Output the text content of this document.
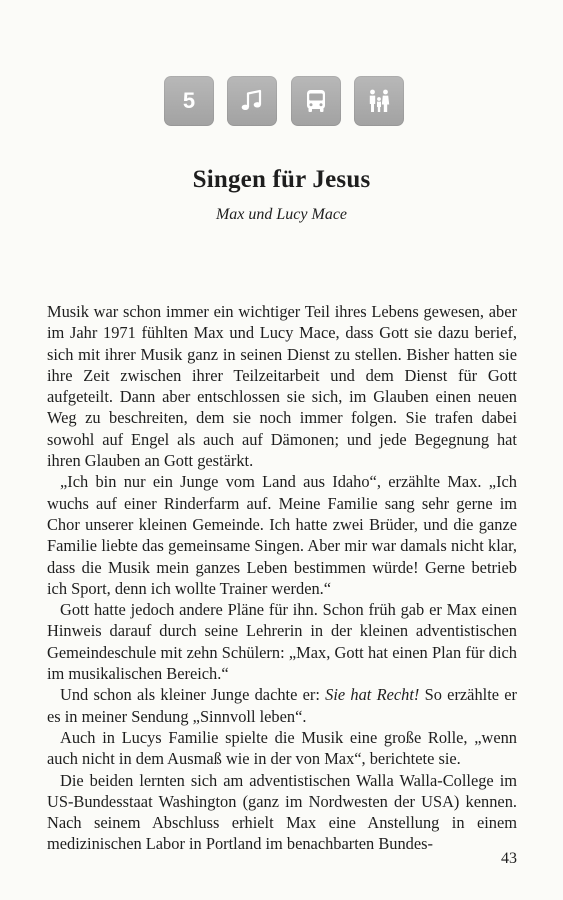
5
Singen für Jesus

Max und Lucy Mace

Musik war schon immer ein wichtiger Teil ihres Lebens gewesen, aber im Jahr 1971 fühlten Max und Lucy Mace, dass Gott sie dazu berief, sich mit ihrer Musik ganz in seinen Dienst zu stellen. Bisher hatten sie ihre Zeit zwischen ihrer Teilzeitarbeit und dem Dienst für Gott aufgeteilt. Dann aber entschlossen sie sich, im Glauben einen neuen Weg zu beschreiten, dem sie noch immer folgen. Sie trafen dabei sowohl auf Engel als auch auf Dämonen; und jede Begegnung hat ihren Glauben an Gott gestärkt.

„Ich bin nur ein Junge vom Land aus Idaho“, erzählte Max. „Ich wuchs auf einer Rinderfarm auf. Meine Familie sang sehr gerne im Chor unserer kleinen Gemeinde. Ich hatte zwei Brüder, und die ganze Familie liebte das gemeinsame Singen. Aber mir war damals nicht klar, dass die Musik mein ganzes Leben bestimmen würde! Gerne betrieb ich Sport, denn ich wollte Trainer werden.“

Gott hatte jedoch andere Pläne für ihn. Schon früh gab er Max einen Hinweis darauf durch seine Lehrerin in der kleinen adventistischen Gemeindeschule mit zehn Schülern: „Max, Gott hat einen Plan für dich im musikalischen Bereich.“

Und schon als kleiner Junge dachte er: Sie hat Recht! So erzählte er es in meiner Sendung „Sinnvoll leben“.

Auch in Lucys Familie spielte die Musik eine große Rolle, „wenn auch nicht in dem Ausmaß wie in der von Max“, berichtete sie.

Die beiden lernten sich am adventistischen Walla Walla-College im US-Bundesstaat Washington (ganz im Nordwesten der USA) kennen. Nach seinem Abschluss erhielt Max eine Anstellung in einem medizinischen Labor in Portland im benachbarten Bundes-

43
